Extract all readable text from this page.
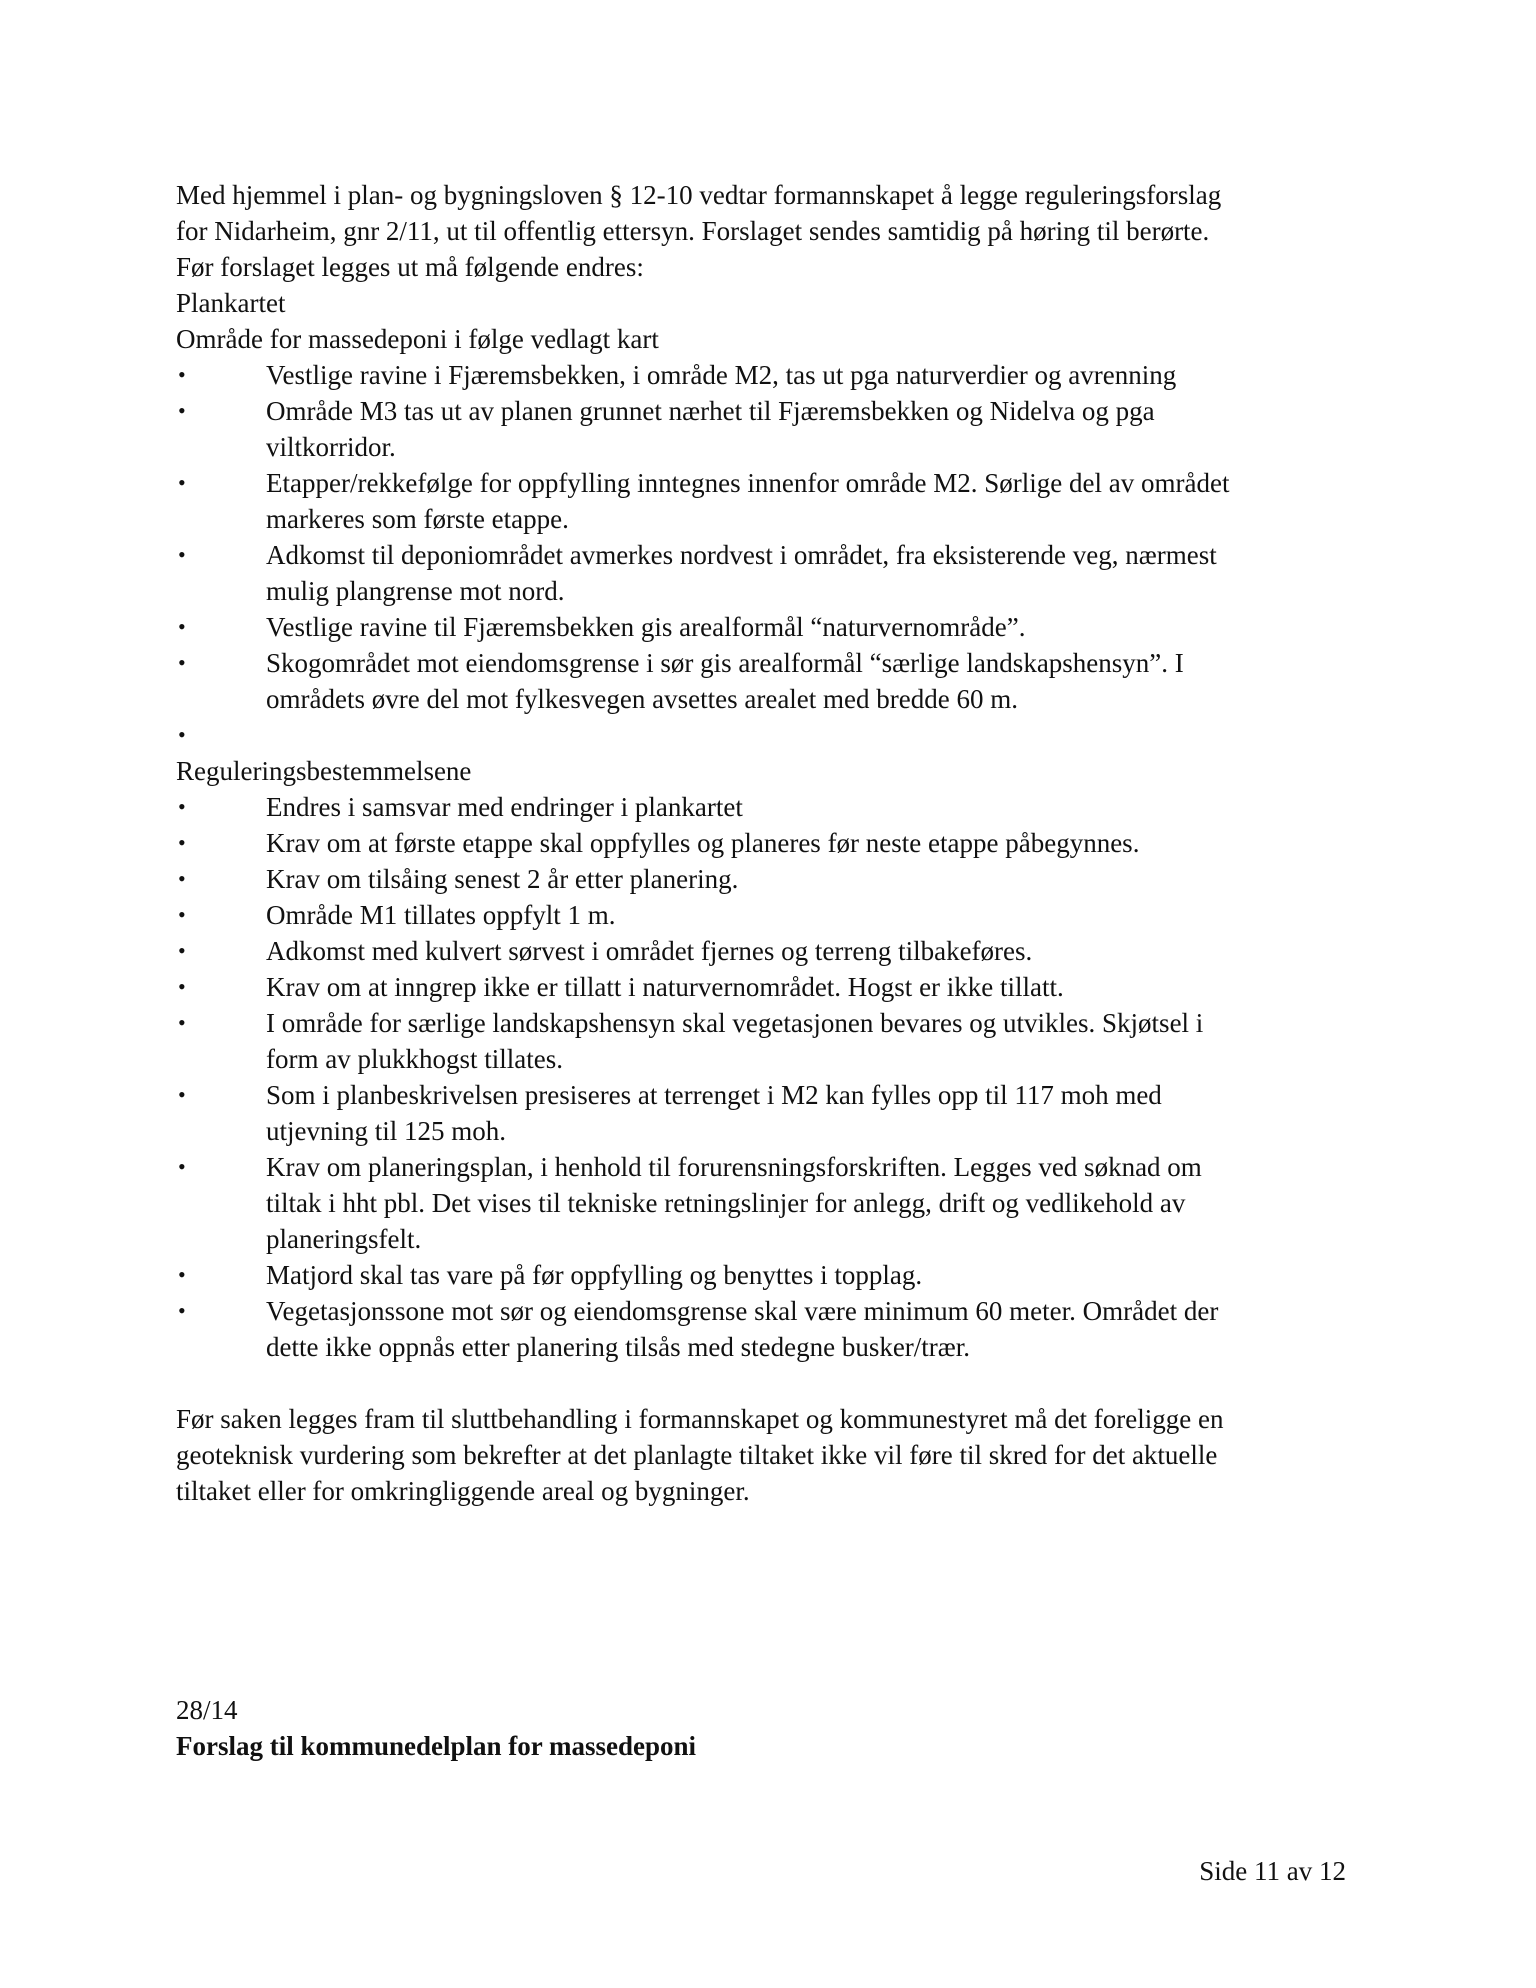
Med hjemmel i plan- og bygningsloven § 12-10 vedtar formannskapet å legge reguleringsforslag

for Nidarheim, gnr 2/11, ut til offentlig ettersyn. Forslaget sendes samtidig på høring til berørte.

Før forslaget legges ut må følgende endres:

Plankartet

Område for massedeponi i følge vedlagt kart

•	Vestlige ravine i Fjæremsbekken, i område M2, tas ut pga naturverdier og avrenning
•	Område M3 tas ut av planen grunnet nærhet til Fjæremsbekken og Nidelva og pga
viltkorridor.
•	Etapper/rekkefølge for oppfylling inntegnes innenfor område M2. Sørlige del av området
markeres som første etappe.
•	Adkomst til deponiområdet avmerkes nordvest i området, fra eksisterende veg, nærmest
mulig plangrense mot nord.
•	Vestlige ravine til Fjæremsbekken gis arealformål “naturvernområde”.
•	Skogområdet mot eiendomsgrense i sør gis arealformål “særlige landskapshensyn”. I
områdets øvre del mot fylkesvegen avsettes arealet med bredde 60 m.
•

Reguleringsbestemmelsene

•	Endres i samsvar med endringer i plankartet
•	Krav om at første etappe skal oppfylles og planeres før neste etappe påbegynnes.
•	Krav om tilsåing senest 2 år etter planering.
•	Område M1 tillates oppfylt 1 m.
•	Adkomst med kulvert sørvest i området fjernes og terreng tilbakeføres.
•	Krav om at inngrep ikke er tillatt i naturvernområdet. Hogst er ikke tillatt.
•	I område for særlige landskapshensyn skal vegetasjonen bevares og utvikles. Skjøtsel i
form av plukkhogst tillates.
•	Som i planbeskrivelsen presiseres at terrenget i M2 kan fylles opp til 117 moh med
utjevning til 125 moh.
•	Krav om planeringsplan, i henhold til forurensningsforskriften. Legges ved søknad om
tiltak i hht pbl. Det vises til tekniske retningslinjer for anlegg, drift og vedlikehold av
planeringsfelt.
•	Matjord skal tas vare på før oppfylling og benyttes i topplag.
•	Vegetasjonssone mot sør og eiendomsgrense skal være minimum 60 meter. Området der
dette ikke oppnås etter planering tilsås med stedegne busker/trær.

Før saken legges fram til sluttbehandling i formannskapet og kommunestyret må det foreligge en
geoteknisk vurdering som bekrefter at det planlagte tiltaket ikke vil føre til skred for det aktuelle
tiltaket eller for omkringliggende areal og bygninger.

28/14

Forslag til kommunedelplan for massedeponi

Side 11 av 12
